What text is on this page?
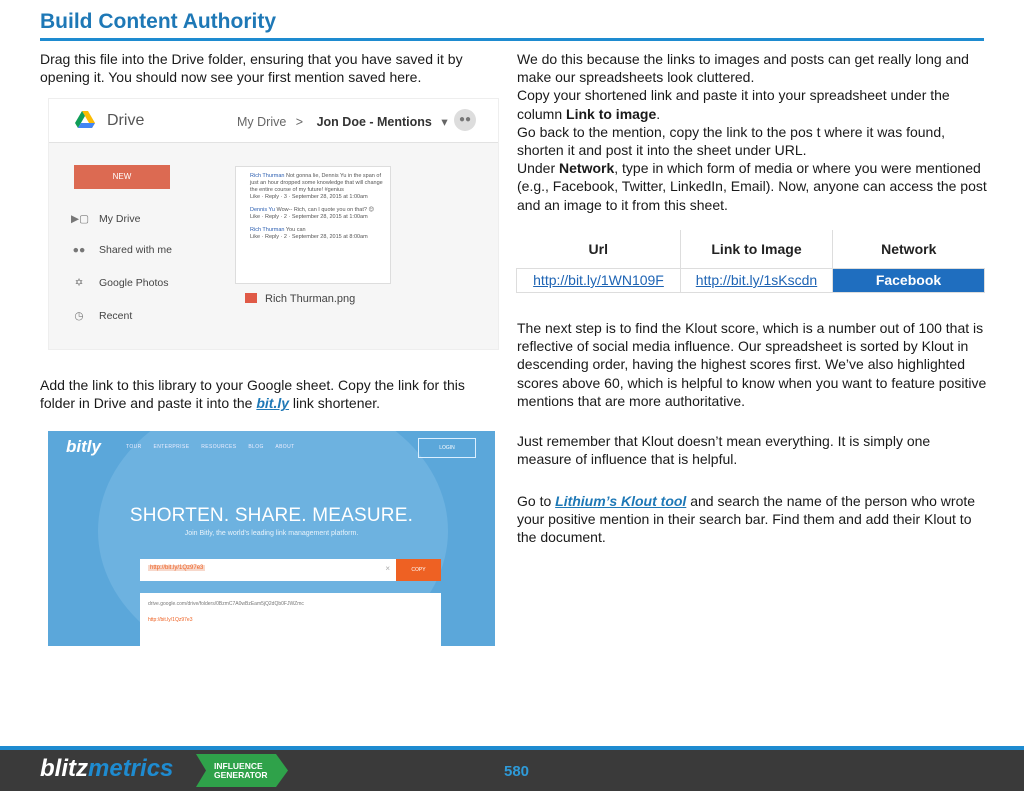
Build Content Authority
Drag this file into the Drive folder, ensuring that you have saved it by opening it. You should now see your first mention saved here.
Drive	My Drive > Jon Doe - Mentions ▾	●●
NEW
▶▢ My Drive
●● Shared with me
✡ Google Photos
◷ Recent

Rich Thurman Not gonna lie, Dennis Yu in the span of just an hour dropped some knowledge that will change the entire course of my future! #genius
Like · Reply · 3 · September 28, 2015 at 1:00am

Dennis Yu Wow-- Rich, can I quote you on that? 😊
Like · Reply · 2 · September 28, 2015 at 1:00am

Rich Thurman You can
Like · Reply · 2 · September 28, 2015 at 8:00am

Rich Thurman.png
Add the link to this library to your Google sheet. Copy the link for this folder in Drive and paste it into the bit.ly link shortener.
bitly	TOUR ENTERPRISE RESOURCES BLOG ABOUT	LOGIN
SHORTEN. SHARE. MEASURE.
Join Bitly, the world's leading link management platform.
http://bit.ly/1Qz97e3	×	COPY
drive.google.com/drive/folders/0BzmC7A0wBzEam5jQ2dQb0FJWZmc
http://bit.ly/1Qz97e3
We do this because the links to images and posts can get really long and make our spreadsheets look cluttered.
Copy your shortened link and paste it into your spreadsheet under the column Link to image.
Go back to the mention, copy the link to the pos t where it was found, shorten it and post it into the sheet under URL.
Under Network, type in which form of media or where you were mentioned (e.g., Facebook, Twitter, LinkedIn, Email). Now, anyone can access the post and an image to it from this sheet.
Url	Link to Image	Network
http://bit.ly/1WN109F	http://bit.ly/1sKscdn	Facebook
The next step is to find the Klout score, which is a number out of 100 that is reflective of social media influence. Our spreadsheet is sorted by Klout in descending order, having the highest scores first. We’ve also highlighted scores above 60, which is helpful to know when you want to feature positive mentions that are more authoritative.
Just remember that Klout doesn’t mean everything. It is simply one measure of influence that is helpful.
Go to Lithium’s Klout tool and search the name of the person who wrote your positive mention in their search bar. Find them and add their Klout to the document.
blitzmetrics	INFLUENCE
GENERATOR	580
